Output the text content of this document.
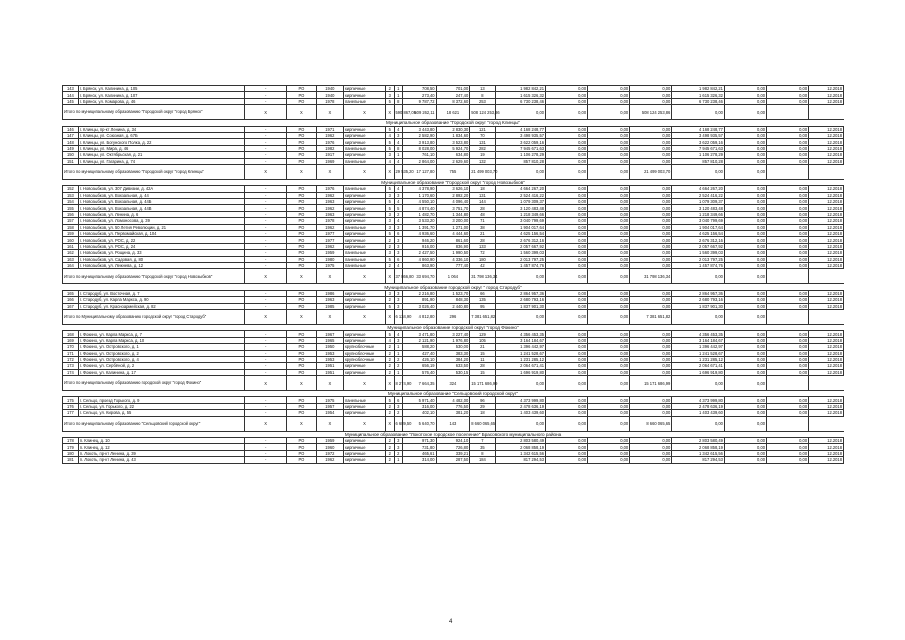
143	г. Брянск, ул. Калинина, д. 105	-	РО	1940	кирпичные	2	1	708,50	701,00	13	1 982 842,21	0,00	0,00	0,00	1 982 842,21	0,00	0,00	12.2018
144	г. Брянск, ул. Калинина, д. 107	-	РО	1940	кирпичные	3	1	273,40	247,40	8	1 615 326,32	0,00	0,00	0,00	1 615 326,32	0,00	0,00	12.2018
145	г. Брянск, ул. Комарова, д. 46	-	РО	1978	панельные	5	8	9 787,72	8 372,60	253	6 730 238,46	0,00	0,00	0,00	6 730 238,46	0,00	0,00	12.2018
Итого по муниципальному образованию "Городской округ "город Брянск"		Х	Х	Х	Х	Х	590 867,06	509 262,11	18 621	508 124 253,86	0,00	0,00	0,00	508 124 253,86	0,00	0,00		
Муниципальное образование "Городской округ "город Клинцы"																		
146	г. Клинцы, пр-кт Ленина, д. 34	-	РО	1971	кирпичные	5	4	3 443,80	2 830,30	121	4 168 248,77	0,00	0,00	0,00	4 168 248,77	0,00	0,00	12.2018
147	г. Клинцы, ул. Союзная, д. 67Б	-	РО	1962	кирпичные	4	3	2 582,90	1 834,60	70	3 498 935,57	0,00	0,00	0,00	3 498 935,57	0,00	0,00	12.2018
148	г. Клинцы, ул. Богунского Полка, д. 22	-	РО	1976	кирпичные	5	4	3 913,80	3 523,80	131	3 622 059,16	0,00	0,00	0,00	3 622 059,16	0,00	0,00	12.2018
149	г. Клинцы, ул. Мира, д. 46	-	РО	1982	панельные	5	8	8 028,00	5 924,70	282	7 945 671,63	0,00	0,00	0,00	7 945 671,63	0,00	0,00	12.2018
150	г. Клинцы, ул. Октябрьская, д. 21	-	РО	1917	кирпичные	3	1	761,10	634,80	19	1 106 278,29	0,00	0,00	0,00	1 106 278,29	0,00	0,00	12.2018
151	г. Клинцы, ул. Гагарина, д. 74	-	РО	1969	панельные	4	4	2 864,00	2 629,60	132	857 810,28	0,00	0,00	0,00	857 810,28	0,00	0,00	12.2018
Итого по муниципальному образованию "Городской округ "город Клинцы"		Х	Х	Х	Х	Х	29 535,20	17 127,80	755	21 499 003,70	0,00	0,00	0,00	21 499 003,70	0,00	0,00		
Муниципальное образование "Городской округ "город Новозыбков"																		
152	г. Новозыбков, ул. 307 Дивизии, д. 42А	-	РО	1976	панельные	5	4	4 378,90	3 626,10	18	4 664 267,20	0,00	0,00	0,00	4 664 267,20	0,00	0,00	12.2018
153	г. Новозыбков, ул. Вокзальная, д. 44	-	РО	1962	кирпичные	3	3	1 170,60	2 892,20	131	2 524 416,22	0,00	0,00	0,00	2 524 416,22	0,00	0,00	12.2018
154	г. Новозыбков, ул. Вокзальная, д. 44Б	-	РО	1963	кирпичные	5	4	4 550,10	4 096,40	144	1 079 309,37	0,00	0,00	0,00	1 079 309,37	0,00	0,00	12.2018
155	г. Новозыбков, ул. Вокзальная, д. 44В	-	РО	1962	кирпичные	5	5	4 874,40	3 751,70	28	3 120 483,48	0,00	0,00	0,00	3 120 483,48	0,00	0,00	12.2018
156	г. Новозыбков, ул. Ленина, д. 6	-	РО	1963	кирпичные	3	2	1 482,70	1 344,80	48	1 218 349,66	0,00	0,00	0,00	1 218 349,66	0,00	0,00	12.2018
157	г. Новозыбков, ул. Ломоносова, д. 39	-	РО	1978	кирпичные	3	4	3 533,20	3 200,00	71	3 040 799,69	0,00	0,00	0,00	3 040 799,69	0,00	0,00	12.2018
158	г. Новозыбков, ул. 50 Летия Революции, д. 21	-	РО	1962	панельные	3	3	1 391,70	1 271,00	38	1 904 017,64	0,00	0,00	0,00	1 904 017,64	0,00	0,00	12.2018
159	г. Новозыбков, ул. Первомайская, д. 104	-	РО	1977	кирпичные	5	6	4 936,60	4 444,60	21	4 625 156,54	0,00	0,00	0,00	4 625 156,54	0,00	0,00	12.2018
160	г. Новозыбков, ул. РОС, д. 22	-	РО	1977	кирпичные	2	3	946,20	861,60	28	2 676 312,16	0,00	0,00	0,00	2 676 312,16	0,00	0,00	12.2018
161	г. Новозыбков, ул. РОС, д. 24	-	РО	1962	кирпичные	2	3	916,00	836,90	133	2 057 667,92	0,00	0,00	0,00	2 057 667,92	0,00	0,00	12.2018
162	г. Новозыбков, ул. Рощина, д. 33	-	РО	1959	панельные	3	3	2 427,50	1 990,50	72	1 560 399,03	0,00	0,00	0,00	1 560 399,03	0,00	0,00	12.2018
163	г. Новозыбков, ул. Садовая, д. 80	-	РО	1980	панельные	5	6	4 860,90	4 336,10	180	2 013 797,25	0,00	0,00	0,00	2 013 797,25	0,00	0,00	12.2018
164	г. Новозыбков, ул. Лежнева, д. 12	-	РО	1975	панельные	2	4	863,90	777,40	42	1 457 874,76	0,00	0,00	0,00	1 457 874,76	0,00	0,00	12.2018
Итого по муниципальному образованию "Городской округ "город Новозыбков"		Х	Х	Х	Х	Х	37 866,80	33 694,70	1 064	31 798 136,34	0,00	0,00	0,00	31 798 136,34	0,00	0,00		
Муниципальное образование городской округ " город Стародуб"																		
165	г. Стародуб, ул. Восточная, д. 7	-	РО	1986	кирпичные	3	3	2 216,80	1 523,70	66	2 864 957,36	0,00	0,00	0,00	2 864 957,36	0,00	0,00	12.2018
166	г. Стародуб, ул. Карла Маркса, д. 90	-	РО	1963	кирпичные	2	3	891,90	848,30	135	2 680 793,16	0,00	0,00	0,00	2 680 793,16	0,00	0,00	12.2018
167	г. Стародуб, ул. Красноармейская, д. 82	-	РО	1985	кирпичные	5	3	3 026,40	2 440,80	95	1 837 901,30	0,00	0,00	0,00	1 837 901,30	0,00	0,00	12.2018
Итого по Муниципальному образованию городской округ "город Стародуб"		Х	Х	Х	Х	Х	6 134,90	4 812,80	296	7 381 651,82	0,00	0,00	0,00	7 381 651,82	0,00	0,00		
Муниципальное образование городской округ "город Фокино"																		
168	г. Фокино, ул. Карла Маркса, д. 7	-	РО	1967	кирпичные	5	4	3 471,80	3 227,40	129	4 356 453,35	0,00	0,00	0,00	4 356 453,35	0,00	0,00	12.2018
169	г. Фокино, ул. Карла Маркса, д. 10	-	РО	1965	кирпичные	4	3	2 121,90	1 976,80	105	3 164 184,67	0,00	0,00	0,00	3 164 184,67	0,00	0,00	12.2018
170	г. Фокино, ул. Островского, д. 1	-	РО	1950	крупноблочные	2	1	588,20	530,00	21	1 396 442,97	0,00	0,00	0,00	1 396 442,97	0,00	0,00	12.2018
171	г. Фокино, ул. Островского, д. 2	-	РО	1953	крупноблочные	2	1	427,40	383,30	15	1 241 528,67	0,00	0,00	0,00	1 241 528,67	0,00	0,00	12.2018
172	г. Фокино, ул. Островского, д. 4	-	РО	1953	крупноблочные	2	2	426,10	384,20	11	1 231 285,12	0,00	0,00	0,00	1 231 285,12	0,00	0,00	12.2018
173	г. Фокино, ул. Сербёной, д. 2	-	РО	1951	кирпичные	2	2	656,19	633,50	28	2 064 671,41	0,00	0,00	0,00	2 064 671,41	0,00	0,00	12.2018
174	г. Фокино, ул. Калинина, д. 17	-	РО	1951	кирпичные	2	1	576,40	530,15	15	1 696 919,80	0,00	0,00	0,00	1 696 919,80	0,00	0,00	12.2018
Итого по муниципальному образованию городской округ "город Фокино"		Х	Х	Х	Х	Х	8 274,90	7 664,35	324	15 171 686,99	0,00	0,00	0,00	15 171 686,99	0,00	0,00		
Муниципальное образование "Сельцовский городской округ"																		
175	г. Сельцо, проезд Горького, д. 9	-	РО	1975	панельные	5	6	5 971,40	4 482,00	96	4 373 999,80	0,00	0,00	0,00	4 373 999,80	0,00	0,00	12.2018
176	г. Сельцо, ул. Горького, д. 22	-	РО	1957	кирпичные	2	3	316,00	776,50	29	2 478 636,19	0,00	0,00	0,00	2 478 636,19	0,00	0,00	12.2018
177	г. Сельцо, ул. Кирова, д. 55	-	РО	1954	кирпичные	2	2	402,10	381,20	18	1 403 439,60	0,00	0,00	0,00	1 403 439,60	0,00	0,00	12.2018
Итого по муниципальному образованию "Сельцовский городской округ"		Х	Х	Х	Х	Х	6 689,50	5 640,70	143	8 660 065,65	0,00	0,00	0,00	8 660 065,65	0,00	0,00		
Муниципальное образование "Локотское городское поселение" Брасовского муниципального района																		
178	п. Клинец, д. 10	-	РО	1959	кирпичные	2	3	971,30	924,10	7	2 803 580,49	0,00	0,00	0,00	2 803 580,49	0,00	0,00	12.2018
179	п. Клинец, д. 12	-	РО	1960	кирпичные	2	3	731,80	726,80	35	2 068 858,19	0,00	0,00	0,00	2 068 858,19	0,00	0,00	12.2018
180	п. Локоть, пр-кт Ленина, д. 39	-	РО	1972	кирпичные	2	2	465,61	339,21	8	1 342 615,56	0,00	0,00	0,00	1 342 615,56	0,00	0,00	12.2018
181	п. Локоть, пр-кт Ленина, д. 43	-	РО	1962	кирпичные	2	1	314,00	287,50	184	817 294,53	0,00	0,00	0,00	817 294,53	0,00	0,00	12.2018
4
